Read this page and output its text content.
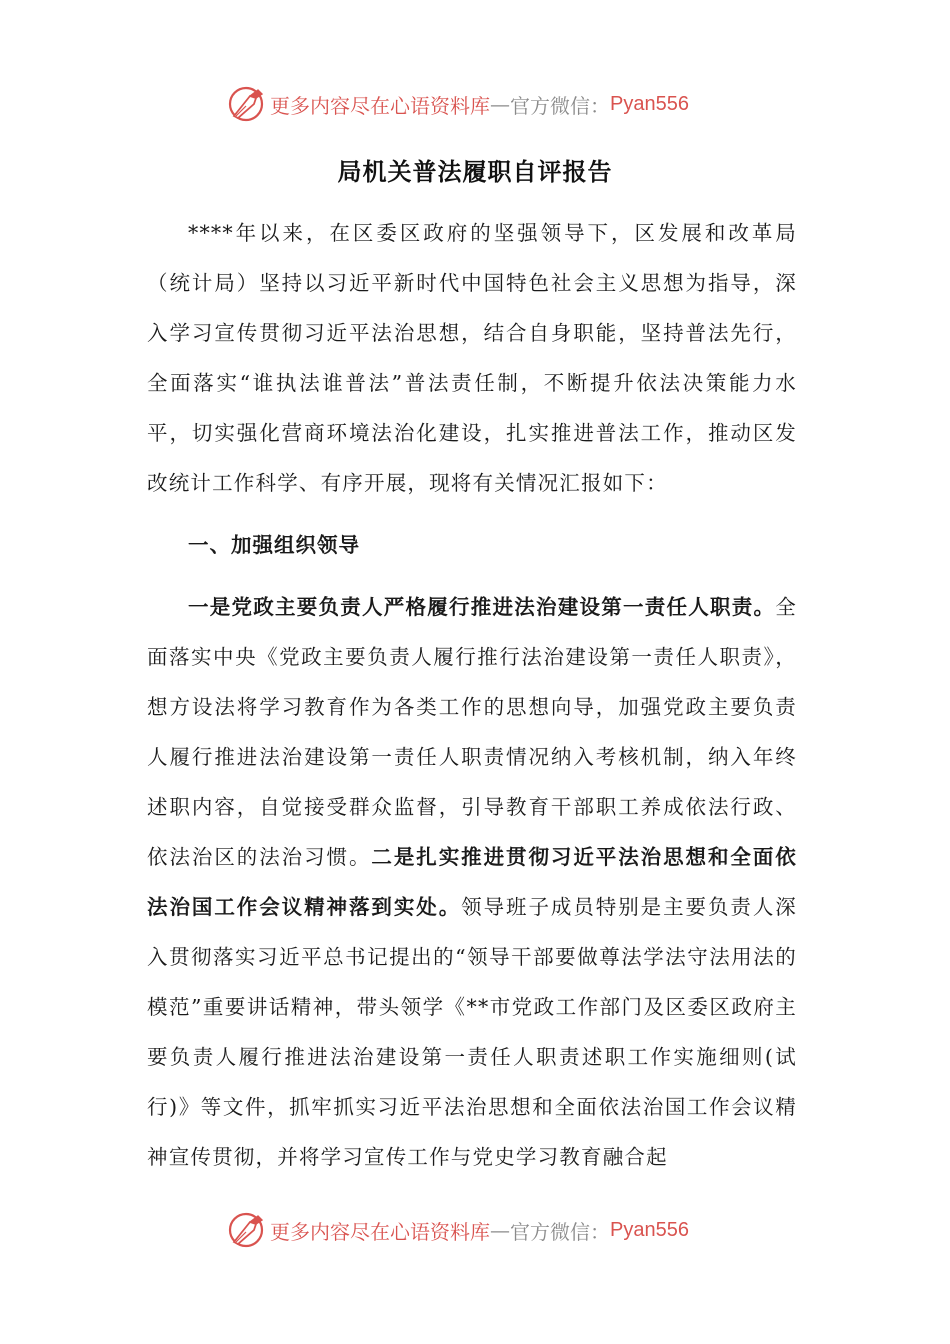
更多内容尽在心语资料库 — 官方微信： Pyan556
局机关普法履职自评报告

****年以来，在区委区政府的坚强领导下，区发展和改革局（统计局）坚持以习近平新时代中国特色社会主义思想为指导，深入学习宣传贯彻习近平法治思想，结合自身职能，坚持普法先行，全面落实“谁执法谁普法”普法责任制，不断提升依法决策能力水平，切实强化营商环境法治化建设，扎实推进普法工作，推动区发改统计工作科学、有序开展，现将有关情况汇报如下：

一、加强组织领导

一是党政主要负责人严格履行推进法治建设第一责任人职责。全面落实中央《党政主要负责人履行推行法治建设第一责任人职责》，想方设法将学习教育作为各类工作的思想向导，加强党政主要负责人履行推进法治建设第一责任人职责情况纳入考核机制，纳入年终述职内容，自觉接受群众监督，引导教育干部职工养成依法行政、依法治区的法治习惯。二是扎实推进贯彻习近平法治思想和全面依法治国工作会议精神落到实处。领导班子成员特别是主要负责人深入贯彻落实习近平总书记提出的“领导干部要做尊法学法守法用法的模范”重要讲话精神，带头领学《**市党政工作部门及区委区政府主要负责人履行推进法治建设第一责任人职责述职工作实施细则(试行)》等文件，抓牢抓实习近平法治思想和全面依法治国工作会议精神宣传贯彻，并将学习宣传工作与党史学习教育融合起

更多内容尽在心语资料库 — 官方微信： Pyan556
